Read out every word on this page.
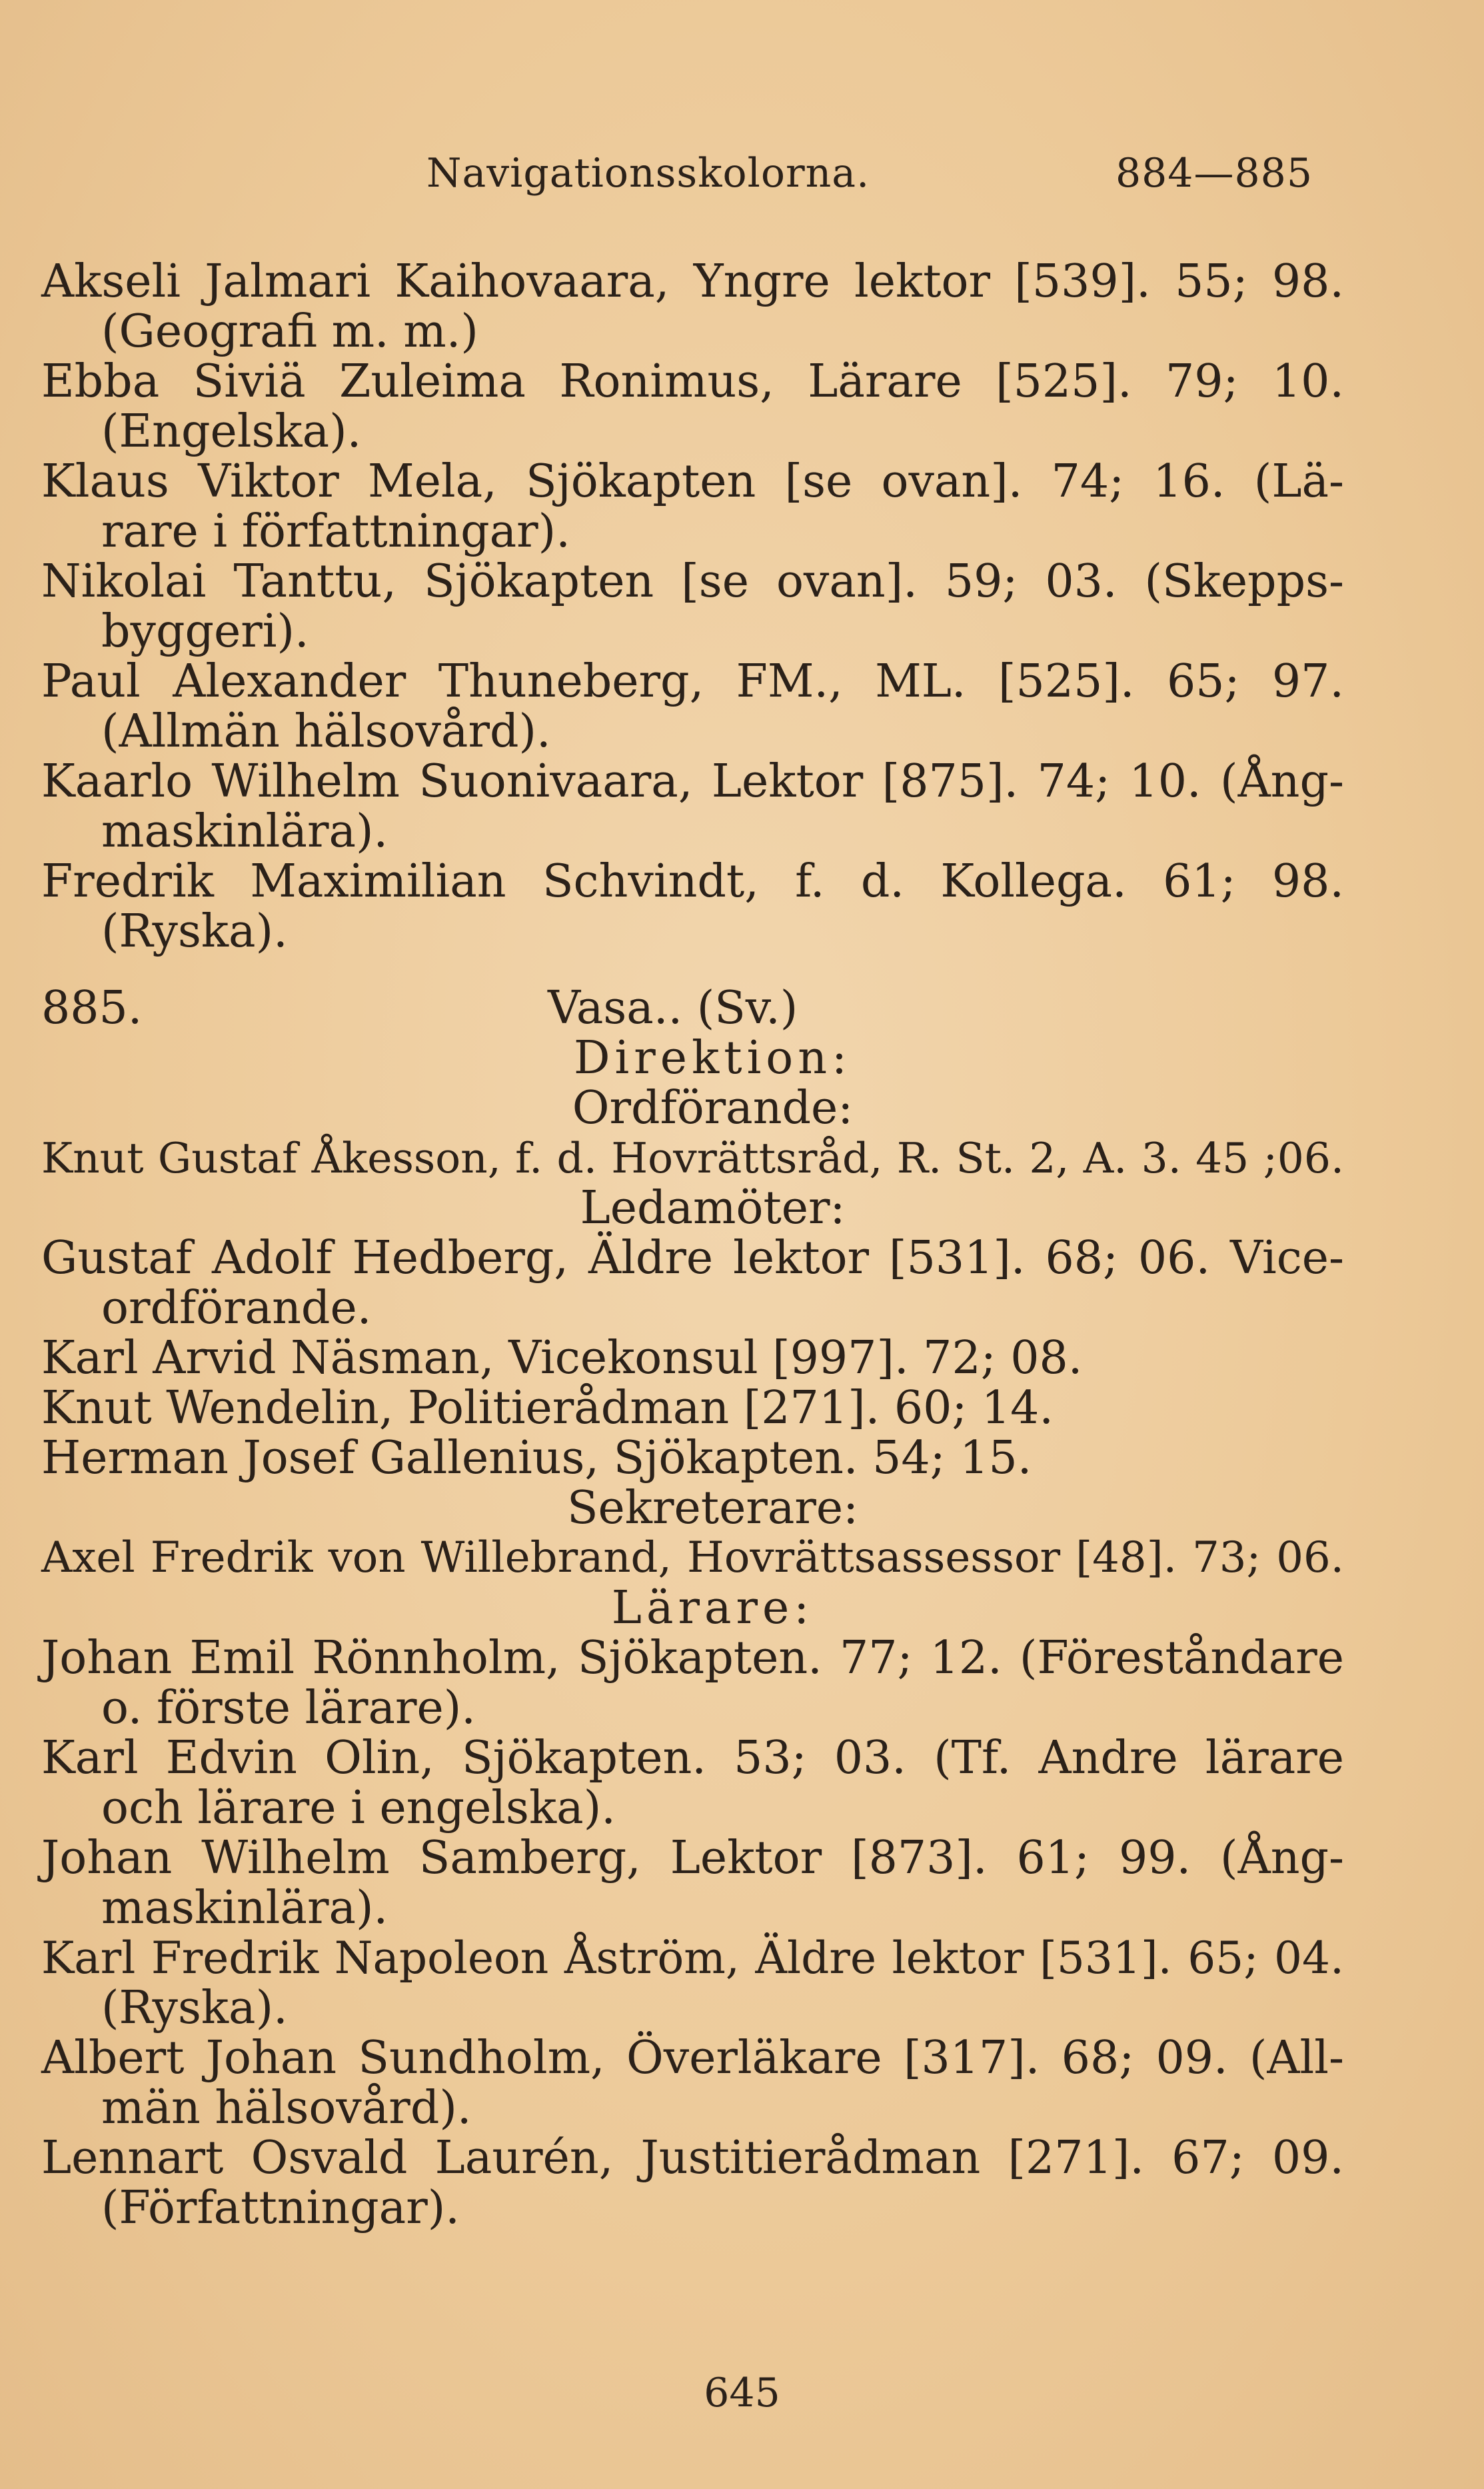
Navigationsskolorna.	884—885

Akseli Jalmari Kaihovaara, Yngre lektor [539]. 55; 98.
(Geografi m. m.)

Ebba Siviä Zuleima Ronimus, Lärare [525]. 79; 10.
(Engelska).

Klaus Viktor Mela, Sjökapten [se ovan]. 74; 16. (Lä-
rare i författningar).

Nikolai Tanttu, Sjökapten [se ovan]. 59; 03. (Skepps-
byggeri).

Paul Alexander Thuneberg, FM., ML. [525]. 65; 97.
(Allmän hälsovård).

Kaarlo Wilhelm Suonivaara, Lektor [875]. 74; 10. (Ång-
maskinlära).

Fredrik Maximilian Schvindt, f. d. Kollega. 61; 98.
(Ryska).

885.	Vasa.. (Sv.)
Direktion:
Ordförande:

Knut Gustaf Åkesson, f. d. Hovrättsråd, R. St. 2, A. 3. 45 ;06.

Ledamöter:

Gustaf Adolf Hedberg, Äldre lektor [531]. 68; 06. Vice-
ordförande.

Karl Arvid Näsman, Vicekonsul [997]. 72; 08.

Knut Wendelin, Politierådman [271]. 60; 14.

Herman Josef Gallenius, Sjökapten. 54; 15.

Sekreterare:

Axel Fredrik von Willebrand, Hovrättsassessor [48]. 73; 06.

Lärare:

Johan Emil Rönnholm, Sjökapten. 77; 12. (Föreståndare
o. förste lärare).

Karl Edvin Olin, Sjökapten. 53; 03. (Tf. Andre lärare
och lärare i engelska).

Johan Wilhelm Samberg, Lektor [873]. 61; 99. (Ång-
maskinlära).

Karl Fredrik Napoleon Åström, Äldre lektor [531]. 65; 04.
(Ryska).

Albert Johan Sundholm, Överläkare [317]. 68; 09. (All-
män hälsovård).

Lennart Osvald Laurén, Justitierådman [271]. 67; 09.
(Författningar).

645
